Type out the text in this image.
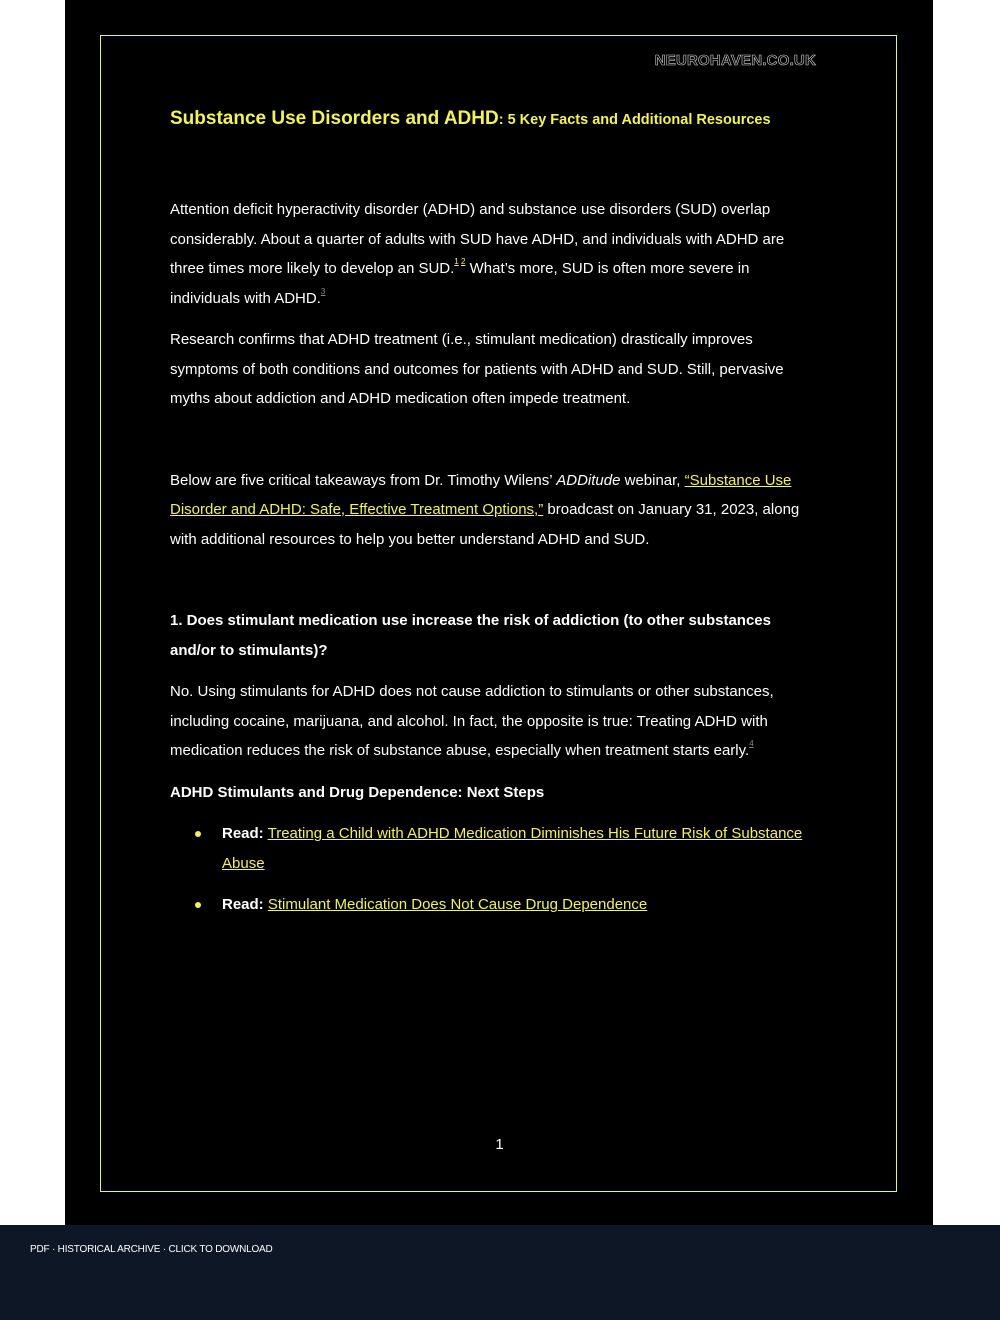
NEUROHAVEN.CO.UK
Substance Use Disorders and ADHD: 5 Key Facts and Additional Resources

Attention deficit hyperactivity disorder (ADHD) and substance use disorders (SUD) overlap considerably. About a quarter of adults with SUD have ADHD, and individuals with ADHD are three times more likely to develop an SUD.$^{1 2}$ What’s more, SUD is often more severe in individuals with ADHD.$^3$

Research confirms that ADHD treatment (i.e., stimulant medication) drastically improves symptoms of both conditions and outcomes for patients with ADHD and SUD. Still, pervasive myths about addiction and ADHD medication often impede treatment.

Below are five critical takeaways from Dr. Timothy Wilens’ ADDitude webinar, “Substance Use Disorder and ADHD: Safe, Effective Treatment Options,” broadcast on January 31, 2023, along with additional resources to help you better understand ADHD and SUD.

1. Does stimulant medication use increase the risk of addiction (to other substances and/or to stimulants)?

No. Using stimulants for ADHD does not cause addiction to stimulants or other substances, including cocaine, marijuana, and alcohol. In fact, the opposite is true: Treating ADHD with medication reduces the risk of substance abuse, especially when treatment starts early.$^4$

ADHD Stimulants and Drug Dependence: Next Steps

Read: Treating a Child with ADHD Medication Diminishes His Future Risk of Substance Abuse
Read: Stimulant Medication Does Not Cause Drug Dependence
1
PDF · HISTORICAL ARCHIVE · CLICK TO DOWNLOAD
